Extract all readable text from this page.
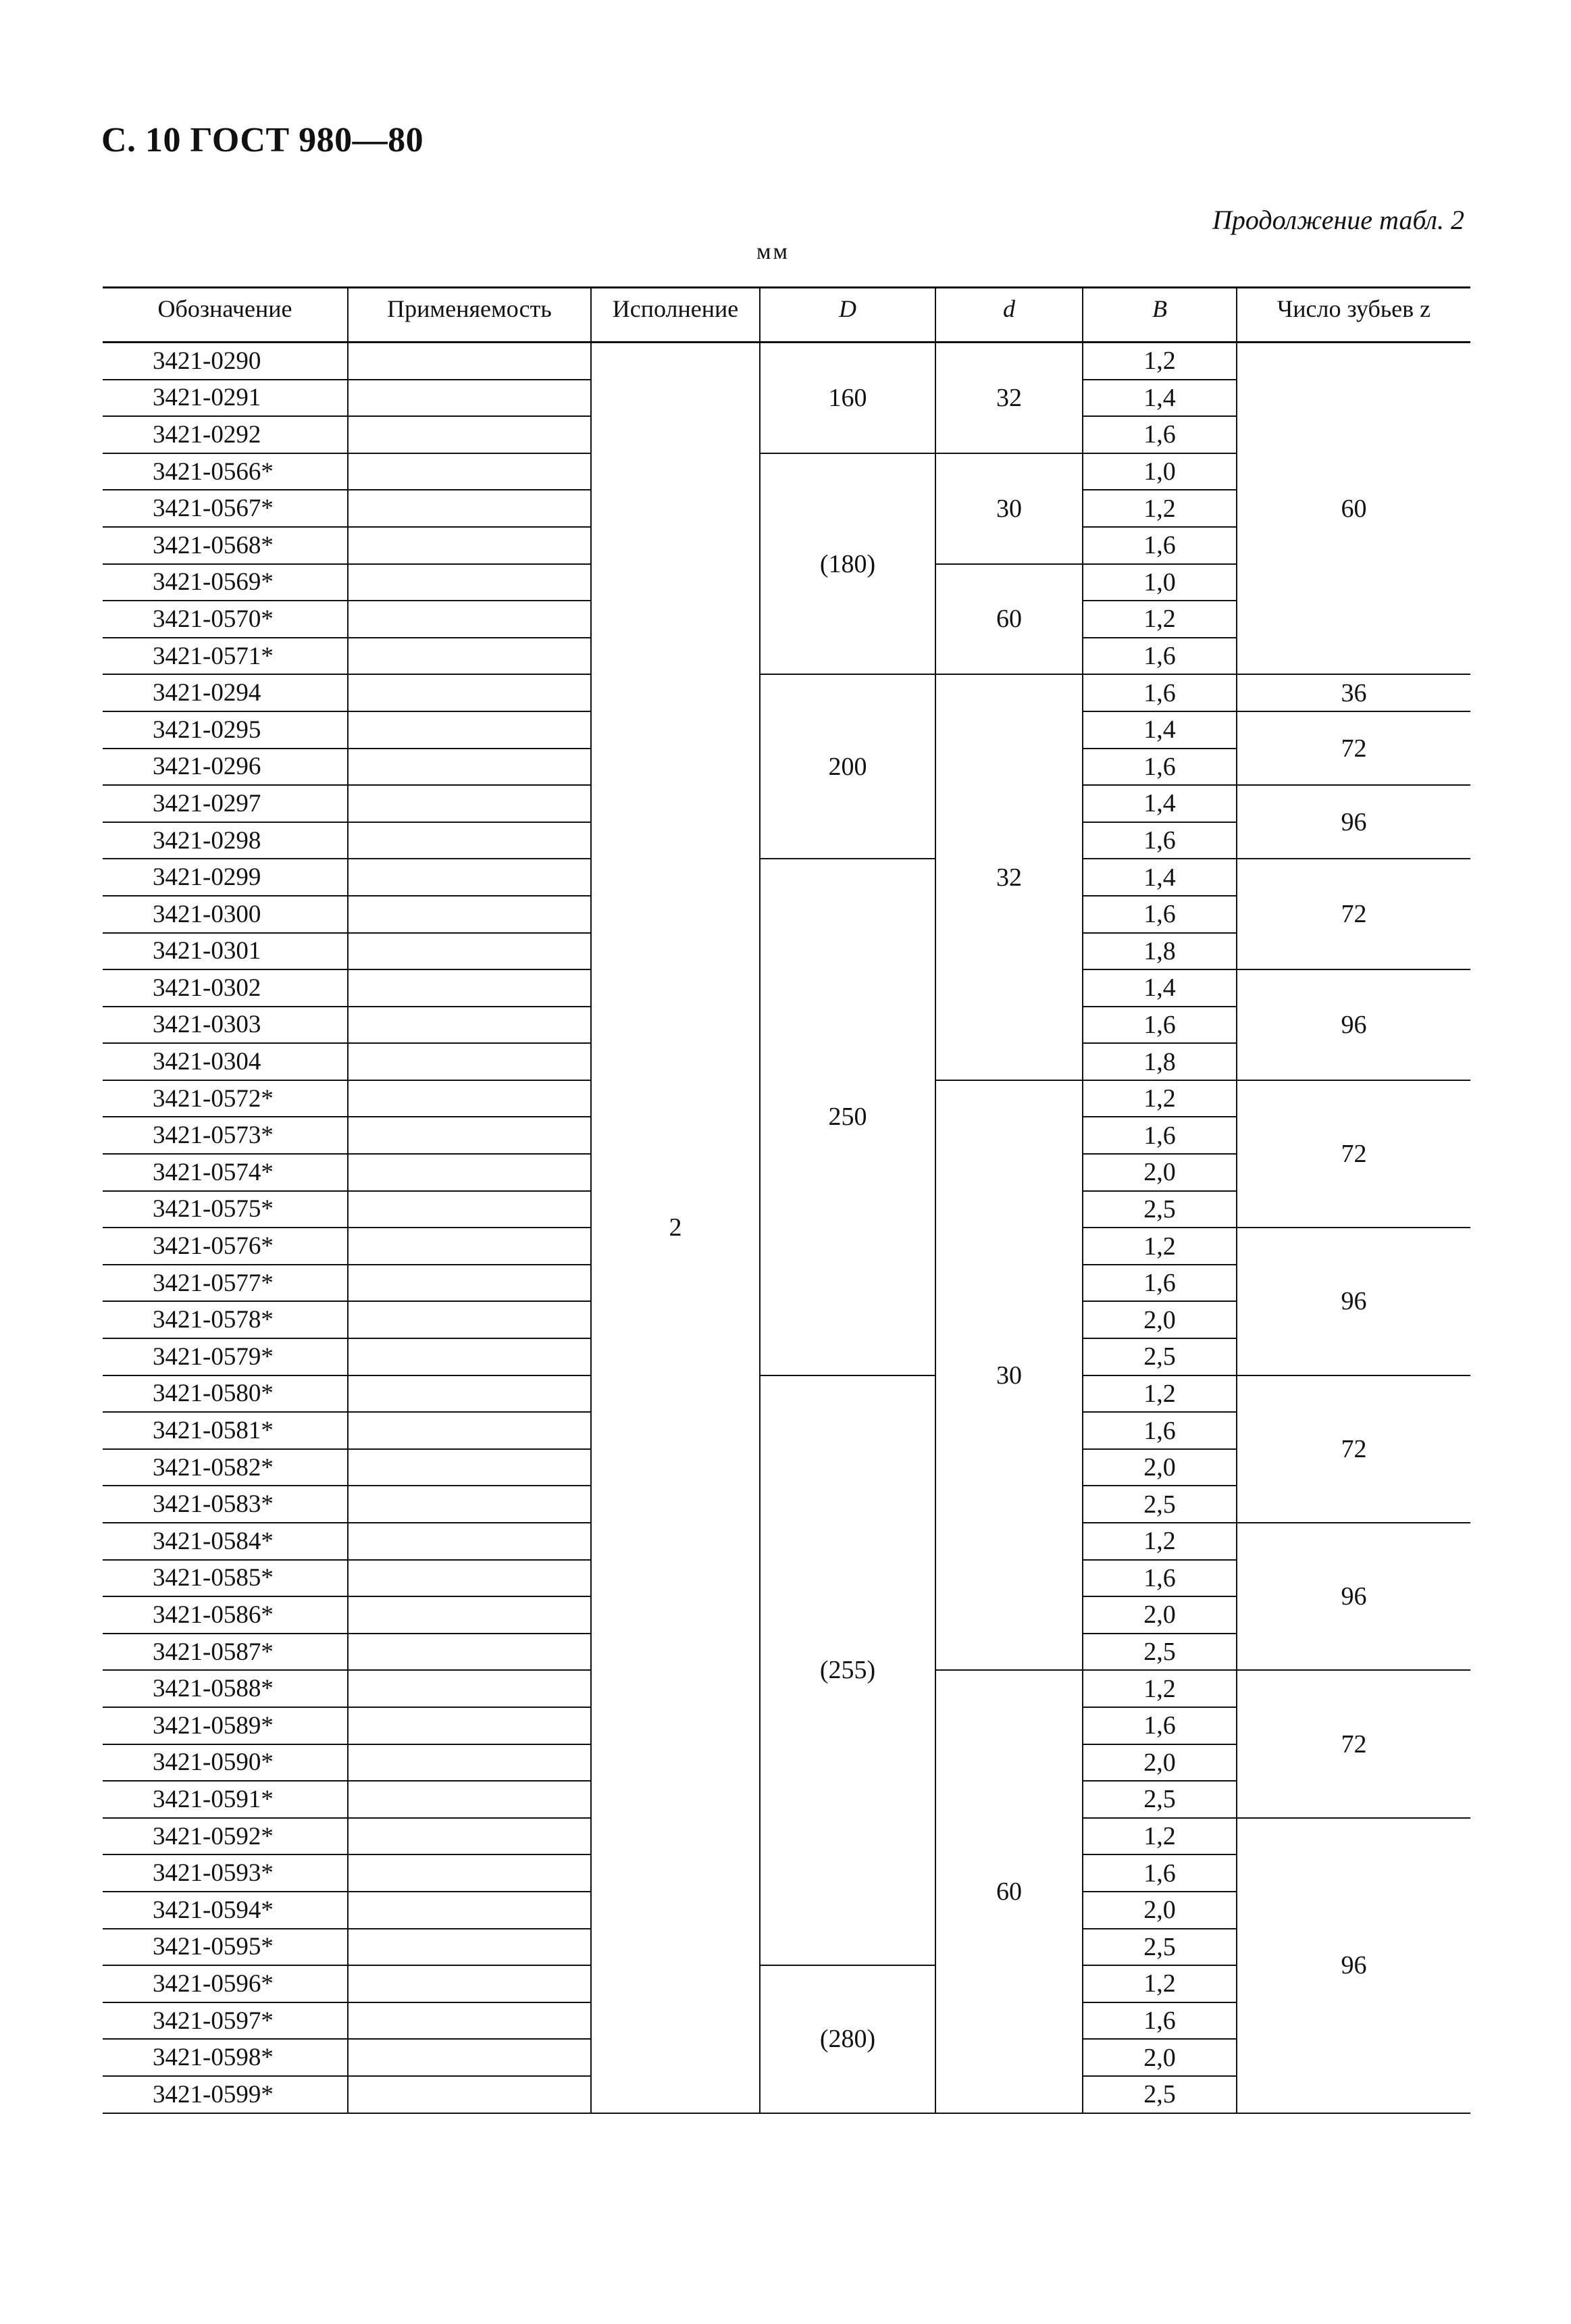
С. 10 ГОСТ 980—80
Продолжение табл. 2
мм
Обозначение	Применяемость	Исполнение	D	d	B	Число зубьев z
3421-0290		2	160	32	1,2	60
3421-0291					1,4	
3421-0292					1,6	
3421-0566*			(180)	30	1,0	
3421-0567*					1,2	
3421-0568*					1,6	
3421-0569*				60	1,0	
3421-0570*					1,2	
3421-0571*					1,6	
3421-0294			200	32	1,6	36
3421-0295					1,4	72
3421-0296					1,6	
3421-0297					1,4	96
3421-0298					1,6	
3421-0299			250		1,4	72
3421-0300					1,6	
3421-0301					1,8	
3421-0302					1,4	96
3421-0303					1,6	
3421-0304					1,8	
3421-0572*				30	1,2	72
3421-0573*					1,6	
3421-0574*					2,0	
3421-0575*					2,5	
3421-0576*					1,2	96
3421-0577*					1,6	
3421-0578*					2,0	
3421-0579*					2,5	
3421-0580*			(255)		1,2	72
3421-0581*					1,6	
3421-0582*					2,0	
3421-0583*					2,5	
3421-0584*					1,2	96
3421-0585*					1,6	
3421-0586*					2,0	
3421-0587*					2,5	
3421-0588*				60	1,2	72
3421-0589*					1,6	
3421-0590*					2,0	
3421-0591*					2,5	
3421-0592*					1,2	96
3421-0593*					1,6	
3421-0594*					2,0	
3421-0595*					2,5	
3421-0596*			(280)		1,2	
3421-0597*					1,6	
3421-0598*					2,0	
3421-0599*					2,5	
